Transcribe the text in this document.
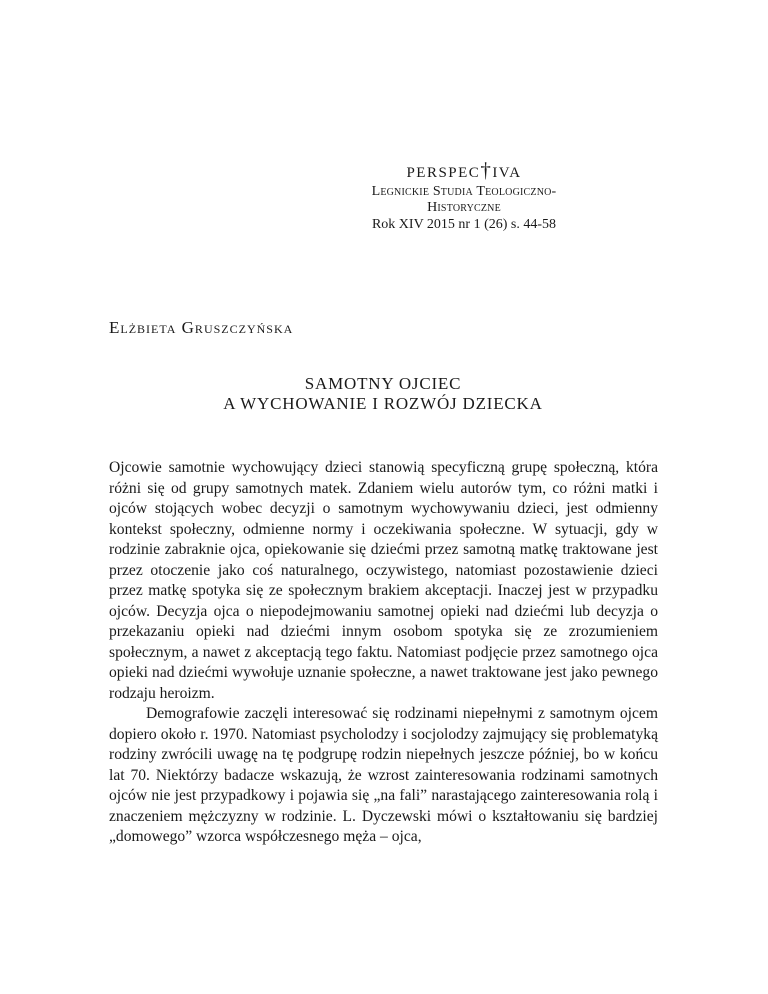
perspec†iva
Legnickie Studia Teologiczno-Historyczne
Rok XIV 2015 nr 1 (26) s. 44-58
Elżbieta Gruszczyńska
SAMOTNY OJCIEC
A WYCHOWANIE I ROZWÓJ DZIECKA

Ojcowie samotnie wychowujący dzieci stanowią specyficzną grupę społeczną, która różni się od grupy samotnych matek. Zdaniem wielu autorów tym, co różni matki i ojców stojących wobec decyzji o samotnym wychowywaniu dzieci, jest odmienny kontekst społeczny, odmienne normy i oczekiwania społeczne. W sytuacji, gdy w rodzinie zabraknie ojca, opiekowanie się dziećmi przez samotną matkę traktowane jest przez otoczenie jako coś naturalnego, oczywistego, natomiast pozostawienie dzieci przez matkę spotyka się ze społecznym brakiem akceptacji. Inaczej jest w przypadku ojców. Decyzja ojca o niepodejmowaniu samotnej opieki nad dziećmi lub decyzja o przekazaniu opieki nad dziećmi innym osobom spotyka się ze zrozumieniem społecznym, a nawet z akceptacją tego faktu. Natomiast podjęcie przez samotnego ojca opieki nad dziećmi wywołuje uznanie społeczne, a nawet traktowane jest jako pewnego rodzaju heroizm.

Demografowie zaczęli interesować się rodzinami niepełnymi z samotnym ojcem dopiero około r. 1970. Natomiast psycholodzy i socjolodzy zajmujący się problematyką rodziny zwrócili uwagę na tę podgrupę rodzin niepełnych jeszcze później, bo w końcu lat 70. Niektórzy badacze wskazują, że wzrost zainteresowania rodzinami samotnych ojców nie jest przypadkowy i pojawia się „na fali” narastającego zainteresowania rolą i znaczeniem mężczyzny w rodzinie. L. Dyczewski mówi o kształtowaniu się bardziej „domowego” wzorca współczesnego męża – ojca,
